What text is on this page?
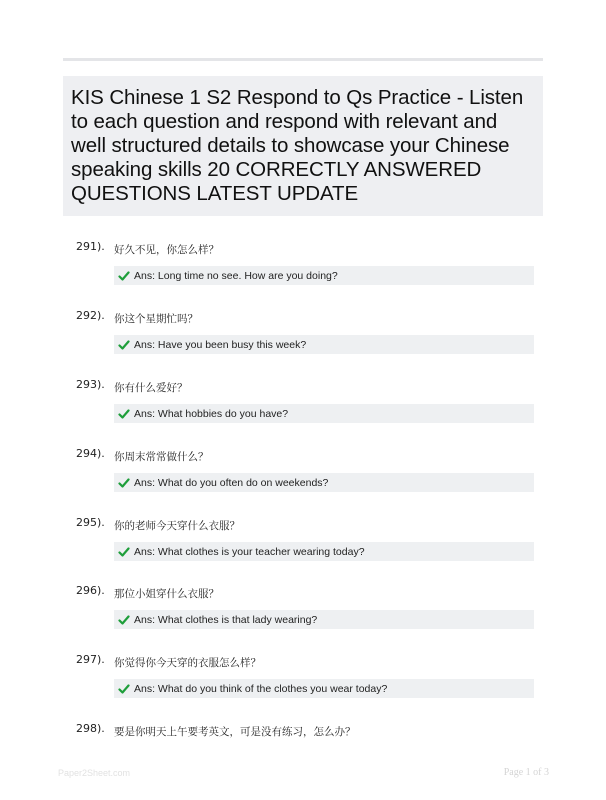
KIS Chinese 1 S2 Respond to Qs Practice - Listen to each question and respond with relevant and well structured details to showcase your Chinese speaking skills 20 CORRECTLY ANSWERED QUESTIONS LATEST UPDATE
291). 好久不见，你怎么样？
Ans: Long time no see. How are you doing?
292). 你这个星期忙吗？
Ans: Have you been busy this week?
293). 你有什么爱好？
Ans: What hobbies do you have?
294). 你周末常常做什么？
Ans: What do you often do on weekends?
295). 你的老师今天穿什么衣服？
Ans: What clothes is your teacher wearing today?
296). 那位小姐穿什么衣服？
Ans: What clothes is that lady wearing?
297). 你觉得你今天穿的衣服怎么样？
Ans: What do you think of the clothes you wear today?
298). 要是你明天上午要考英文，可是没有练习，怎么办？
Paper2Sheet.com	Page 1 of 3
